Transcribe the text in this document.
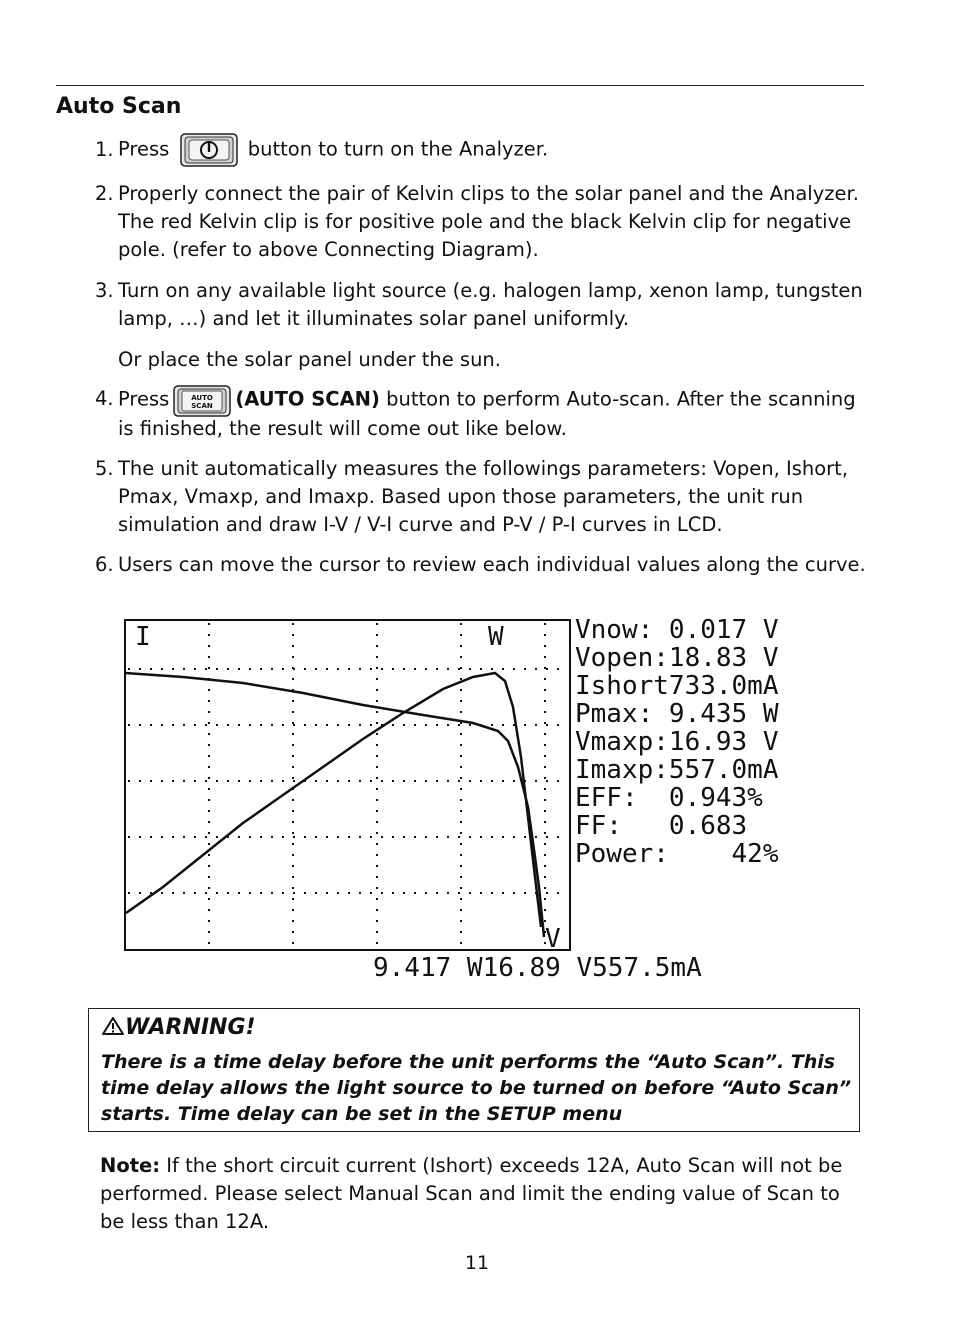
Auto Scan
1. Press	button to turn on the Analyzer.
2. Properly connect the pair of Kelvin clips to the solar panel and the Analyzer. The red Kelvin clip is for positive pole and the black Kelvin clip for negative pole. (refer to above Connecting Diagram).
3. Turn on any available light source (e.g. halogen lamp, xenon lamp, tungsten lamp, …) and let it illuminates solar panel uniformly.
Or place the solar panel under the sun.
4. Press	AUTO
SCAN (AUTO SCAN) button to perform Auto-scan. After the scanning is finished, the result will come out like below.
5. The unit automatically measures the followings parameters: Vopen, Ishort, Pmax, Vmaxp, and Imaxp. Based upon those parameters, the unit run simulation and draw I-V / V-I curve and P-V / P-I curves in LCD.
6. Users can move the cursor to review each individual values along the curve.
I	W
V
Vnow: 0.017 V
Vopen:18.83 V
Ishort733.0mA
Pmax: 9.435 W
Vmaxp:16.93 V
Imaxp:557.0mA
EFF:  0.943%
FF:   0.683
Power:    42%
9.417 W16.89 V557.5mA
WARNING!
There is a time delay before the unit performs the “Auto Scan”. This time delay allows the light source to be turned on before “Auto Scan” starts. Time delay can be set in the SETUP menu
Note: If the short circuit current (Ishort) exceeds 12A, Auto Scan will not be performed. Please select Manual Scan and limit the ending value of Scan to be less than 12A.
11
